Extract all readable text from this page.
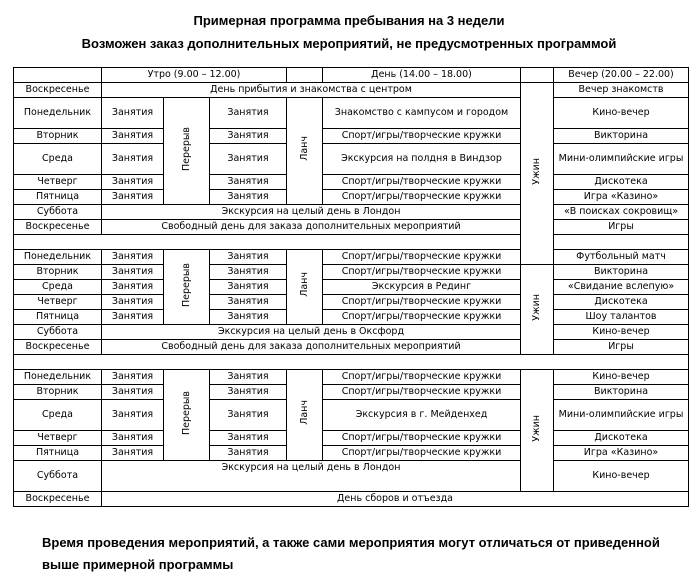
Примерная программа пребывания на 3 недели
Возможен заказ дополнительных мероприятий, не предусмотренных программой
	Утро (9.00 – 12.00)				День (14.00 – 18.00)		Вечер (20.00 – 22.00)
Воскресенье	День прибытия и знакомства с центром					Ужин	Вечер знакомств
Понедельник	Занятия	Перерыв	Занятия	Ланч	Знакомство с кампусом и городом		Кино-вечер
Вторник	Занятия		Занятия		Спорт/игры/творческие кружки		Викторина
Среда	Занятия		Занятия		Экскурсия на полдня в Виндзор		Мини-олимпийские игры
Четверг	Занятия		Занятия		Спорт/игры/творческие кружки		Дискотека
Пятница	Занятия		Занятия		Спорт/игры/творческие кружки		Игра «Казино»
Суббота	Экскурсия на целый день в Лондон						«В поисках сокровищ»
Воскресенье	Свободный день для заказа дополнительных мероприятий						Игры

Понедельник	Занятия	Перерыв	Занятия	Ланч	Спорт/игры/творческие кружки		Футбольный матч
Вторник	Занятия		Занятия		Спорт/игры/творческие кружки	Ужин	Викторина
Среда	Занятия		Занятия		Экскурсия в Рединг		«Свидание вслепую»
Четверг	Занятия		Занятия		Спорт/игры/творческие кружки		Дискотека
Пятница	Занятия		Занятия		Спорт/игры/творческие кружки		Шоу талантов
Суббота	Экскурсия на целый день в Оксфорд						Кино-вечер
Воскресенье	Свободный день для заказа дополнительных мероприятий						Игры

Понедельник	Занятия	Перерыв	Занятия	Ланч	Спорт/игры/творческие кружки	Ужин	Кино-вечер
Вторник	Занятия		Занятия		Спорт/игры/творческие кружки		Викторина
Среда	Занятия		Занятия		Экскурсия в г. Мейденхед		Мини-олимпийские игры
Четверг	Занятия		Занятия		Спорт/игры/творческие кружки		Дискотека
Пятница	Занятия		Занятия		Спорт/игры/творческие кружки		Игра «Казино»
Суббота	Экскурсия на целый день в Лондон						Кино-вечер
Воскресенье	День сборов и отъезда						
Время проведения мероприятий, а также сами мероприятия могут отличаться от приведенной выше примерной программы
